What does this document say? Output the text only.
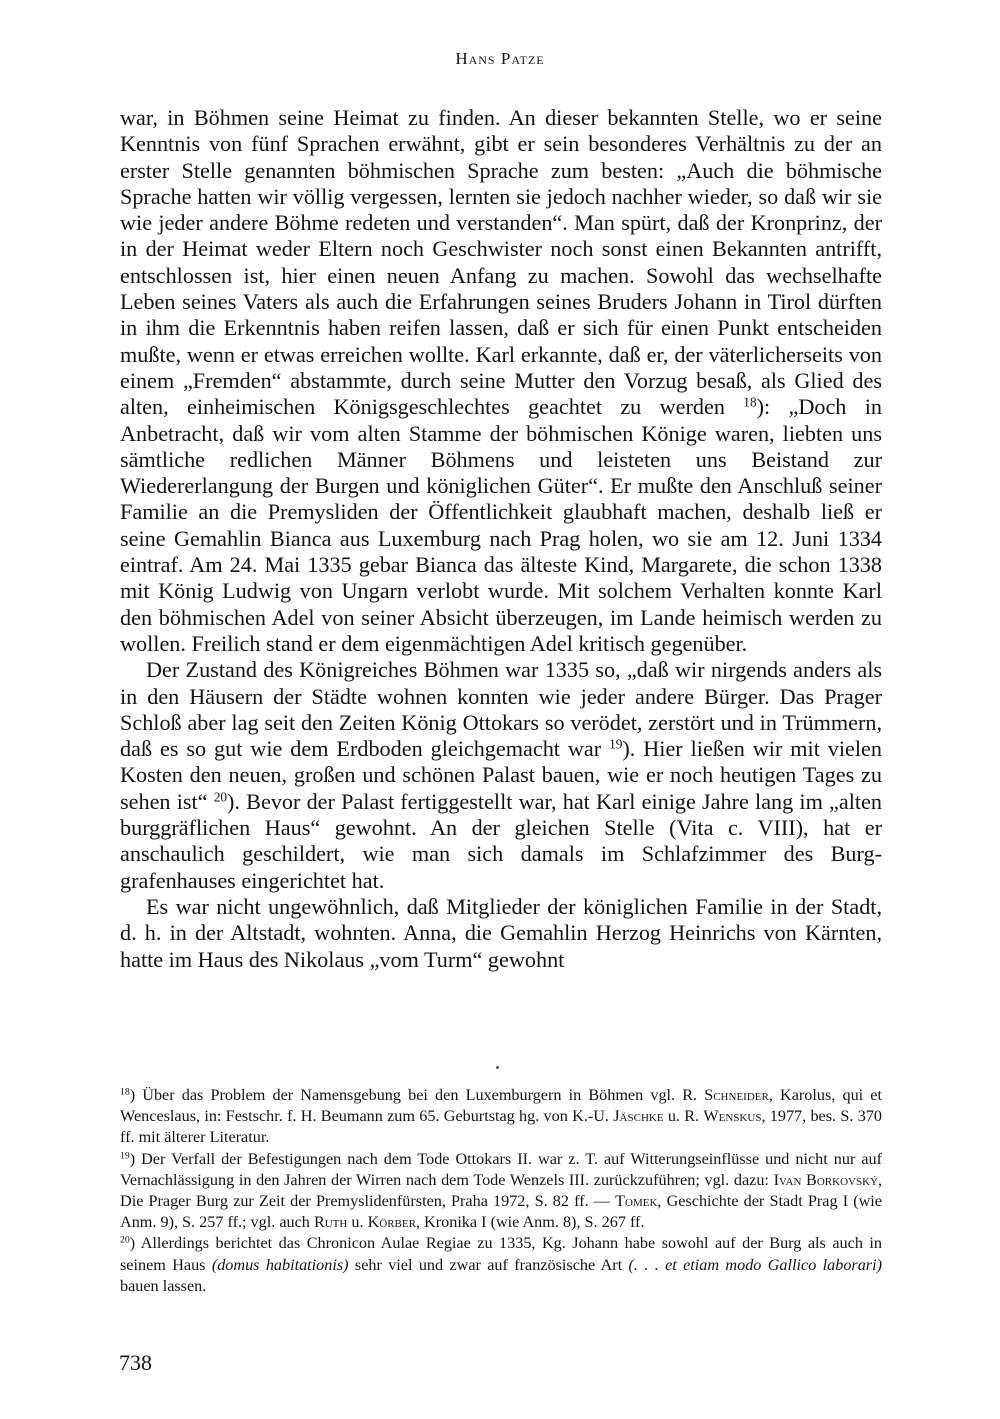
Hans Patze

war, in Böhmen seine Heimat zu finden. An dieser bekannten Stelle, wo er seine Kenntnis von fünf Sprachen erwähnt, gibt er sein besonderes Verhältnis zu der an erster Stelle genannten böhmischen Sprache zum besten: „Auch die böhmische Sprache hatten wir völlig vergessen, lernten sie jedoch nachher wieder, so daß wir sie wie jeder andere Böhme redeten und verstanden“. Man spürt, daß der Kronprinz, der in der Heimat weder Eltern noch Geschwister noch sonst einen Bekannten antrifft, entschlossen ist, hier einen neuen Anfang zu machen. Sowohl das wechselhafte Leben seines Vaters als auch die Erfahrungen seines Bruders Johann in Tirol dürften in ihm die Erkenntnis haben reifen lassen, daß er sich für einen Punkt entscheiden mußte, wenn er etwas erreichen wollte. Karl erkannte, daß er, der väterlicherseits von einem „Fremden“ abstammte, durch seine Mutter den Vorzug besaß, als Glied des alten, einheimischen Königsgeschlechtes geachtet zu werden $^{18}$): „Doch in Anbetracht, daß wir vom alten Stamme der böhmischen Könige waren, liebten uns sämtliche redlichen Männer Böhmens und leisteten uns Beistand zur Wiedererlangung der Burgen und königlichen Güter“. Er mußte den Anschluß seiner Familie an die Premysliden der Öffentlichkeit glaubhaft machen, deshalb ließ er seine Gemahlin Bianca aus Luxemburg nach Prag holen, wo sie am 12. Juni 1334 eintraf. Am 24. Mai 1335 gebar Bianca das älteste Kind, Margarete, die schon 1338 mit König Ludwig von Ungarn verlobt wurde. Mit solchem Verhalten konnte Karl den böhmischen Adel von seiner Absicht überzeugen, im Lande heimisch werden zu wollen. Freilich stand er dem eigenmächtigen Adel kritisch gegenüber.

Der Zustand des Königreiches Böhmen war 1335 so, „daß wir nirgends anders als in den Häusern der Städte wohnen konnten wie jeder andere Bürger. Das Prager Schloß aber lag seit den Zeiten König Ottokars so verödet, zerstört und in Trümmern, daß es so gut wie dem Erdboden gleichgemacht war $^{19}$). Hier ließen wir mit vielen Kosten den neuen, großen und schönen Palast bauen, wie er noch heutigen Tages zu sehen ist“ $^{20}$). Bevor der Palast fertiggestellt war, hat Karl einige Jahre lang im „alten burggräflichen Haus“ gewohnt. An der gleichen Stelle (Vita c. VIII), hat er anschaulich geschildert, wie man sich damals im Schlafzimmer des Burggrafenhauses eingerichtet hat.

Es war nicht ungewöhnlich, daß Mitglieder der königlichen Familie in der Stadt, d. h. in der Altstadt, wohnten. Anna, die Gemahlin Herzog Heinrichs von Kärnten, hatte im Haus des Nikolaus „vom Turm“ gewohnt

$^{18}$) Über das Problem der Namensgebung bei den Luxemburgern in Böhmen vgl. R. Schneider, Karolus, qui et Wenceslaus, in: Festschr. f. H. Beumann zum 65. Geburtstag hg. von K.-U. Jäschke u. R. Wenskus, 1977, bes. S. 370 ff. mit älterer Literatur.

$^{19}$) Der Verfall der Befestigungen nach dem Tode Ottokars II. war z. T. auf Witterungseinflüsse und nicht nur auf Vernachlässigung in den Jahren der Wirren nach dem Tode Wenzels III. zurückzuführen; vgl. dazu: Ivan Borkovský, Die Prager Burg zur Zeit der Premyslidenfürsten, Praha 1972, S. 82 ff. — Tomek, Geschichte der Stadt Prag I (wie Anm. 9), S. 257 ff.; vgl. auch Ruth u. Körber, Kronika I (wie Anm. 8), S. 267 ff.

$^{20}$) Allerdings berichtet das Chronicon Aulae Regiae zu 1335, Kg. Johann habe sowohl auf der Burg als auch in seinem Haus (domus habitationis) sehr viel und zwar auf französische Art (. . . et etiam modo Gallico laborari) bauen lassen.

738
